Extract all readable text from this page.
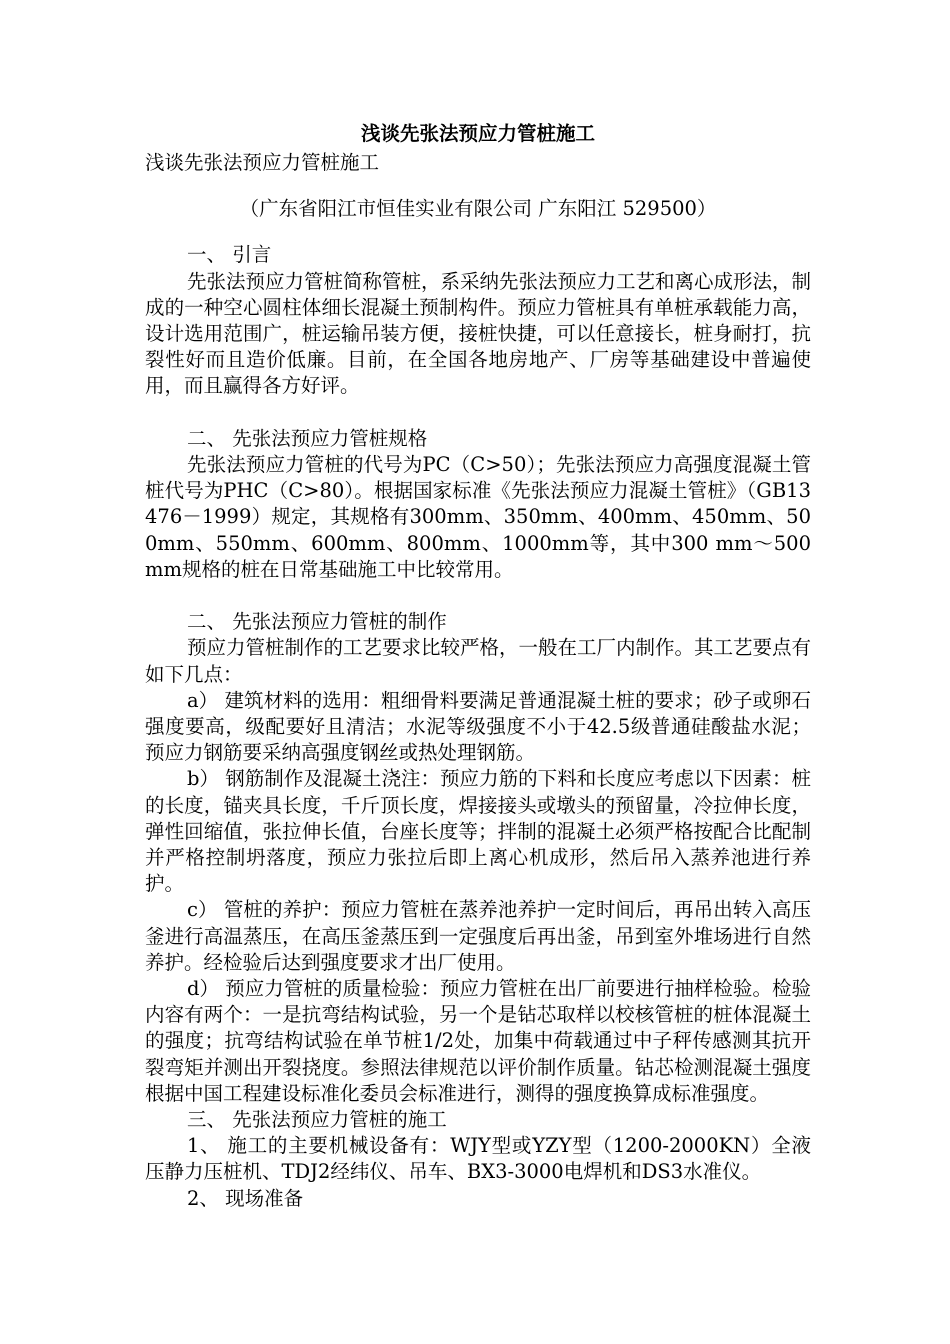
浅谈先张法预应力管桩施工

浅谈先张法预应力管桩施工

（广东省阳江市恒佳实业有限公司 广东阳江 529500）

一、 引言

先张法预应力管桩简称管桩，系采纳先张法预应力工艺和离心成形法，制成的一种空心圆柱体细长混凝土预制构件。预应力管桩具有单桩承载能力高，设计选用范围广，桩运输吊装方便，接桩快捷，可以任意接长，桩身耐打，抗裂性好而且造价低廉。目前，在全国各地房地产、厂房等基础建设中普遍使用，而且赢得各方好评。

二、 先张法预应力管桩规格

先张法预应力管桩的代号为PC（C>50）；先张法预应力高强度混凝土管桩代号为PHC（C>80）。根据国家标准《先张法预应力混凝土管桩》（GB13476－1999）规定，其规格有300mm、350mm、400mm、450mm、500mm、550mm、600mm、800mm、1000mm等，其中300 mm～500 mm规格的桩在日常基础施工中比较常用。

二、 先张法预应力管桩的制作

预应力管桩制作的工艺要求比较严格，一般在工厂内制作。其工艺要点有如下几点：

a） 建筑材料的选用：粗细骨料要满足普通混凝土桩的要求；砂子或卵石强度要高，级配要好且清洁；水泥等级强度不小于42.5级普通硅酸盐水泥；预应力钢筋要采纳高强度钢丝或热处理钢筋。

b） 钢筋制作及混凝土浇注：预应力筋的下料和长度应考虑以下因素：桩的长度，锚夹具长度，千斤顶长度，焊接接头或墩头的预留量，冷拉伸长度，弹性回缩值，张拉伸长值，台座长度等；拌制的混凝土必须严格按配合比配制并严格控制坍落度，预应力张拉后即上离心机成形，然后吊入蒸养池进行养护。

c） 管桩的养护：预应力管桩在蒸养池养护一定时间后，再吊出转入高压釜进行高温蒸压，在高压釜蒸压到一定强度后再出釜，吊到室外堆场进行自然养护。经检验后达到强度要求才出厂使用。

d） 预应力管桩的质量检验：预应力管桩在出厂前要进行抽样检验。检验内容有两个：一是抗弯结构试验，另一个是钻芯取样以校核管桩的桩体混凝土的强度；抗弯结构试验在单节桩1/2处，加集中荷载通过中子秤传感测其抗开裂弯矩并测出开裂挠度。参照法律规范以评价制作质量。钻芯检测混凝土强度根据中国工程建设标准化委员会标准进行，测得的强度换算成标准强度。

三、 先张法预应力管桩的施工

1、 施工的主要机械设备有：WJY型或YZY型（1200-2000KN）全液压静力压桩机、TDJ2经纬仪、吊车、BX3-3000电焊机和DS3水准仪。

2、 现场准备
